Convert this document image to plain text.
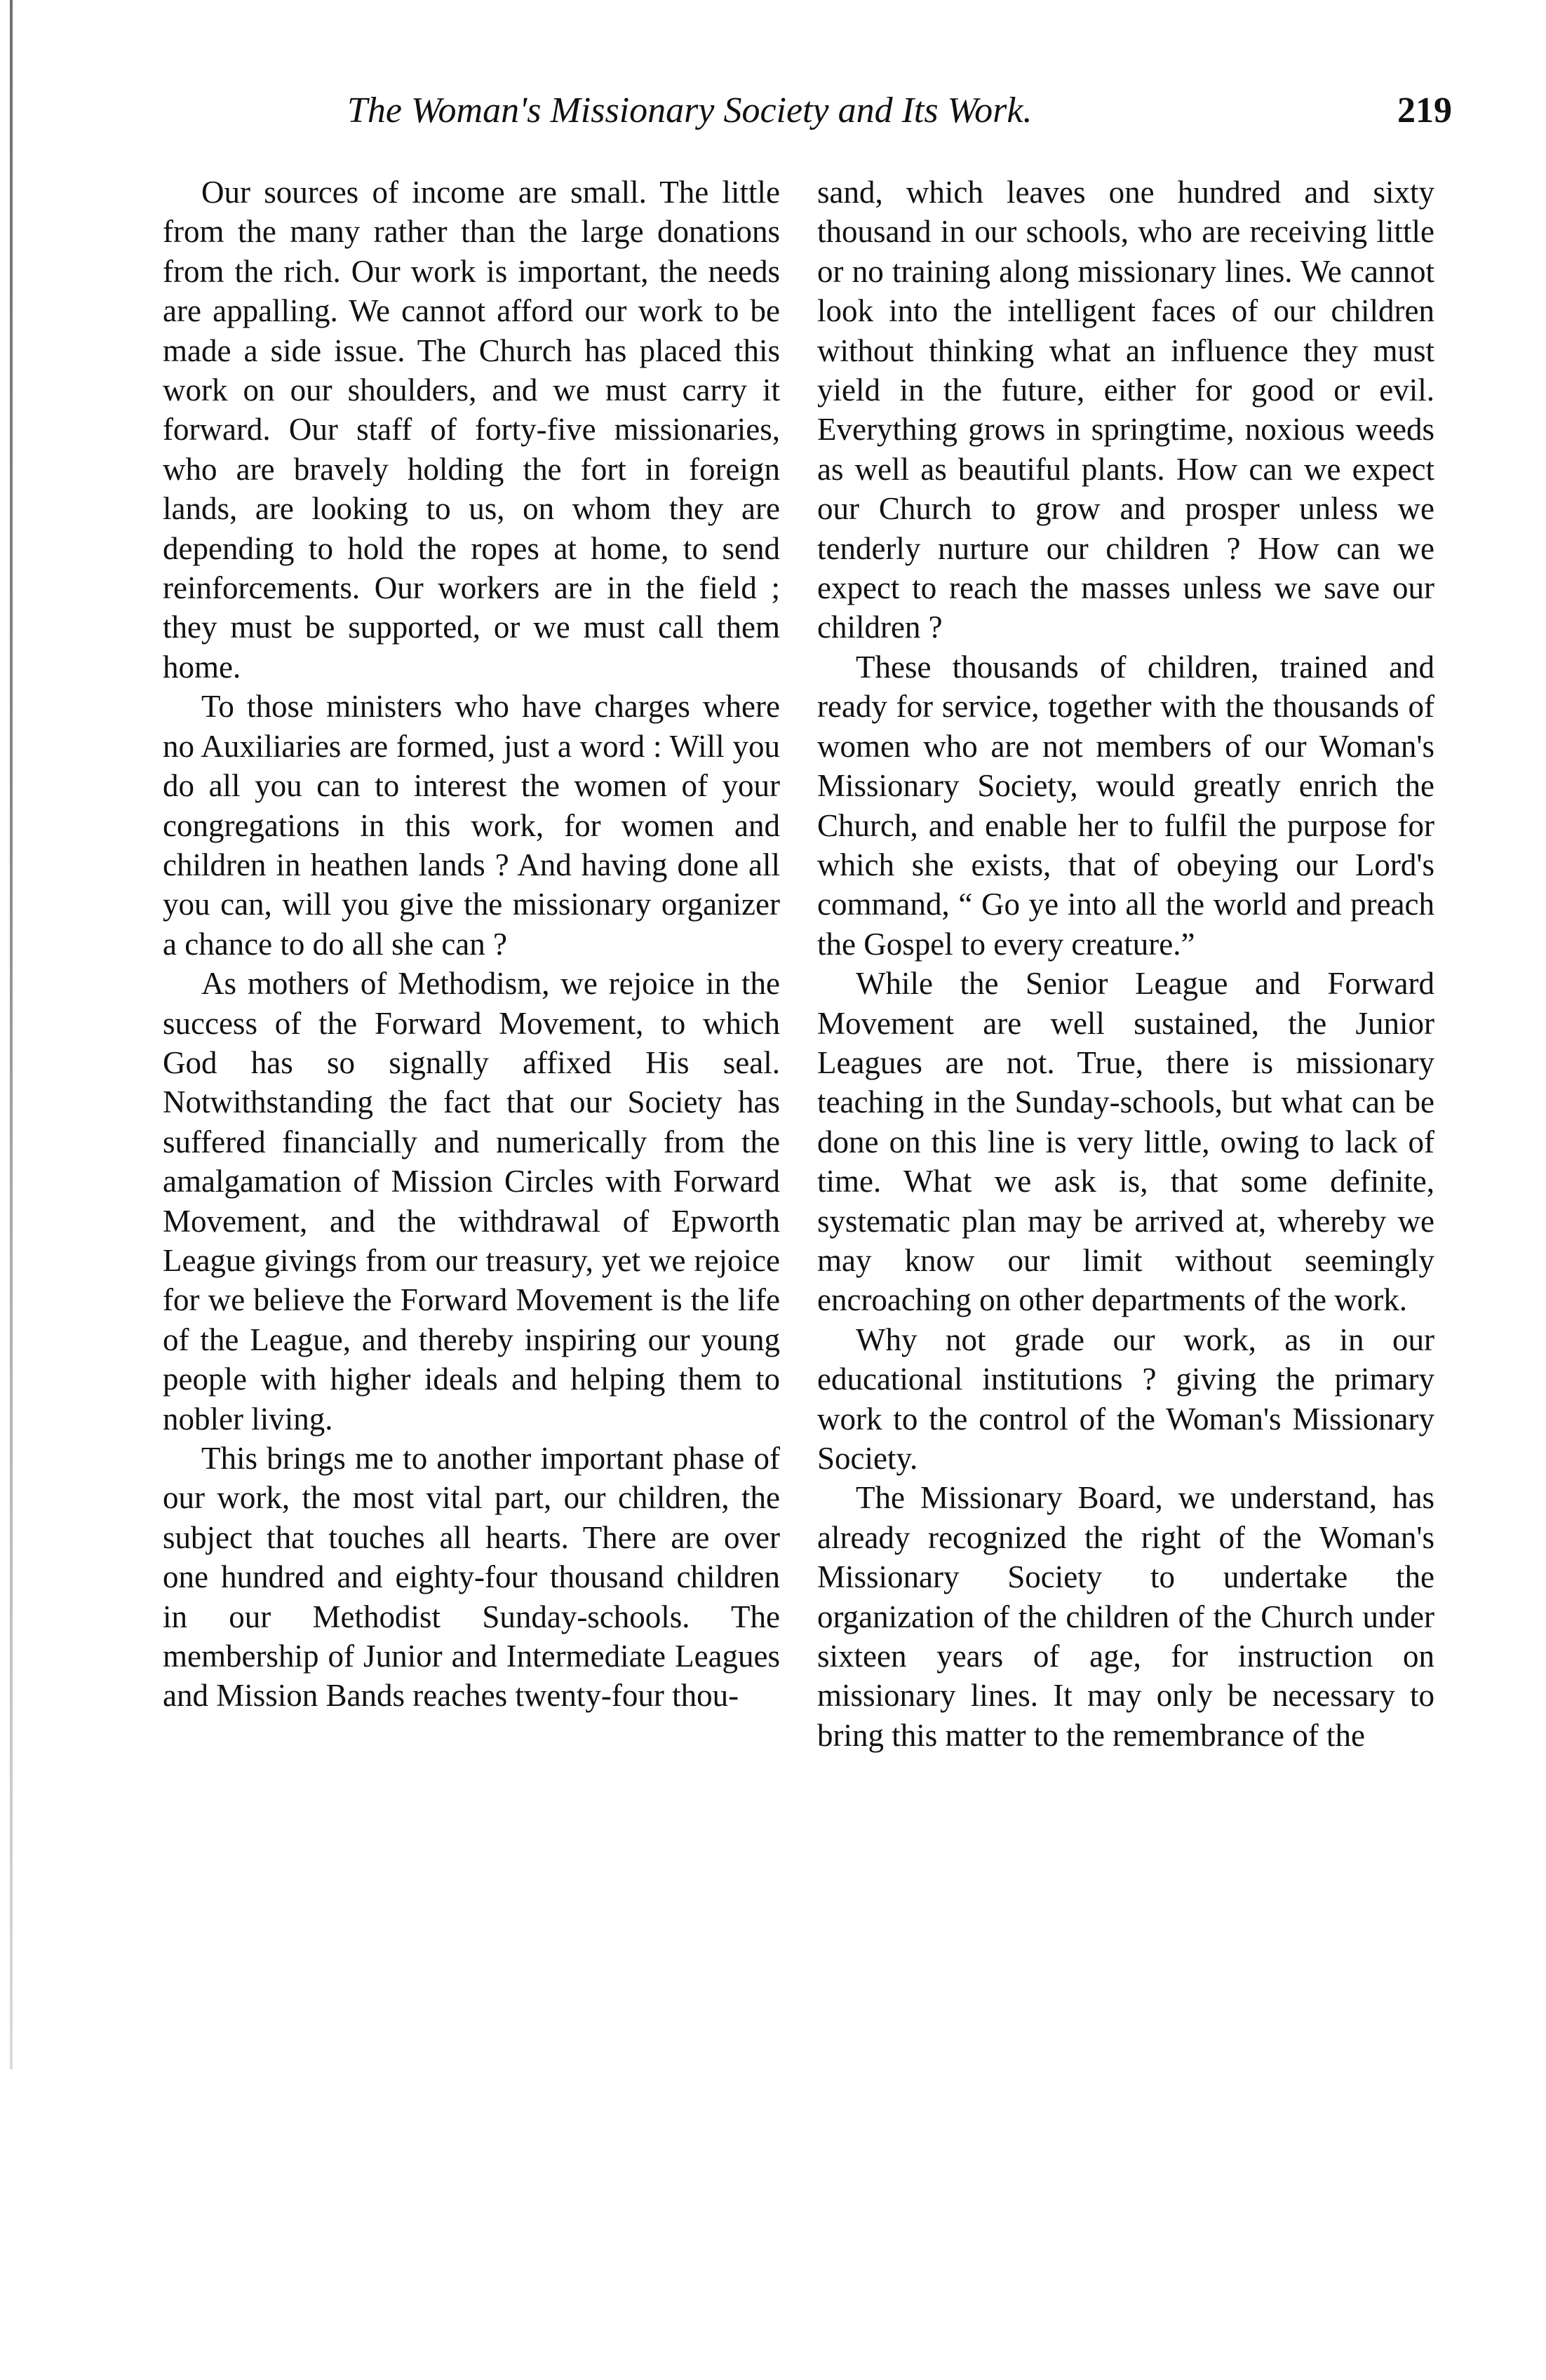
The Woman's Missionary Society and Its Work.	219

Our sources of income are small. The little from the many rather than the large donations from the rich. Our work is important, the needs are appalling. We cannot afford our work to be made a side issue. The Church has placed this work on our shoulders, and we must carry it forward. Our staff of forty-five missionaries, who are bravely holding the fort in foreign lands, are looking to us, on whom they are depending to hold the ropes at home, to send reinforcements. Our workers are in the field ; they must be supported, or we must call them home.

To those ministers who have charges where no Auxiliaries are formed, just a word : Will you do all you can to interest the women of your congregations in this work, for women and children in heathen lands ? And having done all you can, will you give the missionary organizer a chance to do all she can ?

As mothers of Methodism, we rejoice in the success of the Forward Movement, to which God has so signally affixed His seal. Notwithstanding the fact that our Society has suffered financially and numerically from the amalgamation of Mission Circles with Forward Movement, and the withdrawal of Epworth League givings from our treasury, yet we rejoice for we believe the Forward Movement is the life of the League, and thereby inspiring our young people with higher ideals and helping them to nobler living.

This brings me to another important phase of our work, the most vital part, our children, the subject that touches all hearts. There are over one hundred and eighty-four thousand children in our Methodist Sunday-schools. The membership of Junior and Intermediate Leagues and Mission Bands reaches twenty-four thou-

sand, which leaves one hundred and sixty thousand in our schools, who are receiving little or no training along missionary lines. We cannot look into the intelligent faces of our children without thinking what an influence they must yield in the future, either for good or evil. Everything grows in springtime, noxious weeds as well as beautiful plants. How can we expect our Church to grow and prosper unless we tenderly nurture our children ? How can we expect to reach the masses unless we save our children ?

These thousands of children, trained and ready for service, together with the thousands of women who are not members of our Woman's Missionary Society, would greatly enrich the Church, and enable her to fulfil the purpose for which she exists, that of obeying our Lord's command, “ Go ye into all the world and preach the Gospel to every creature.”

While the Senior League and Forward Movement are well sustained, the Junior Leagues are not. True, there is missionary teaching in the Sunday-schools, but what can be done on this line is very little, owing to lack of time. What we ask is, that some definite, systematic plan may be arrived at, whereby we may know our limit without seemingly encroaching on other departments of the work.

Why not grade our work, as in our educational institutions ? giving the primary work to the control of the Woman's Missionary Society.

The Missionary Board, we understand, has already recognized the right of the Woman's Missionary Society to undertake the organization of the children of the Church under sixteen years of age, for instruction on missionary lines. It may only be necessary to bring this matter to the remembrance of the
